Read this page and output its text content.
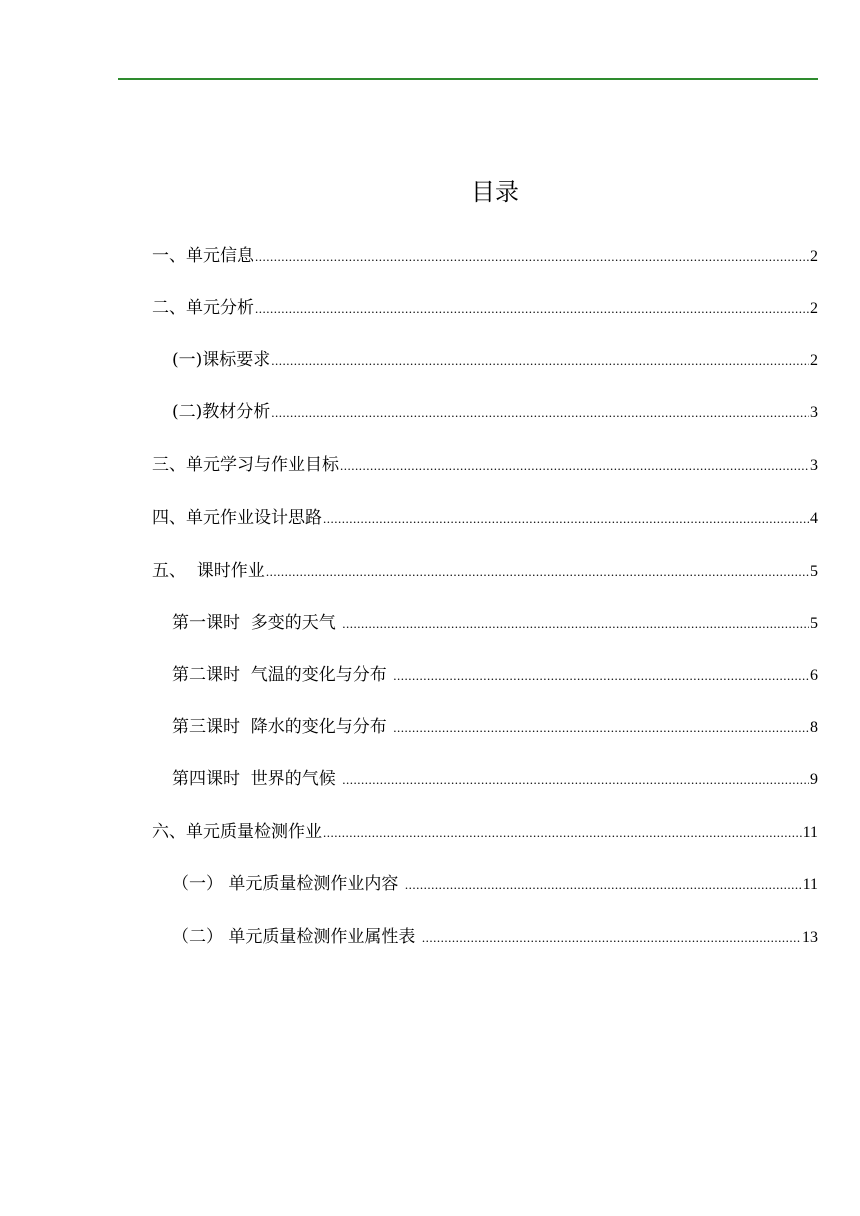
目录
一、单元信息 .....	2
二、单元分析 .....	2
(一)课标要求 .....	2
(二)教材分析 .....	3
三、单元学习与作业目标 .....	3
四、单元作业设计思路 .....	4
五、  课时作业 .....	5
第一课时  多变的天气 .....	5
第二课时  气温的变化与分布 .....	6
第三课时  降水的变化与分布 .....	8
第四课时  世界的气候 .....	9
六、单元质量检测作业 .....	11
（一） 单元质量检测作业内容 .....	11
（二） 单元质量检测作业属性表 .....	13
